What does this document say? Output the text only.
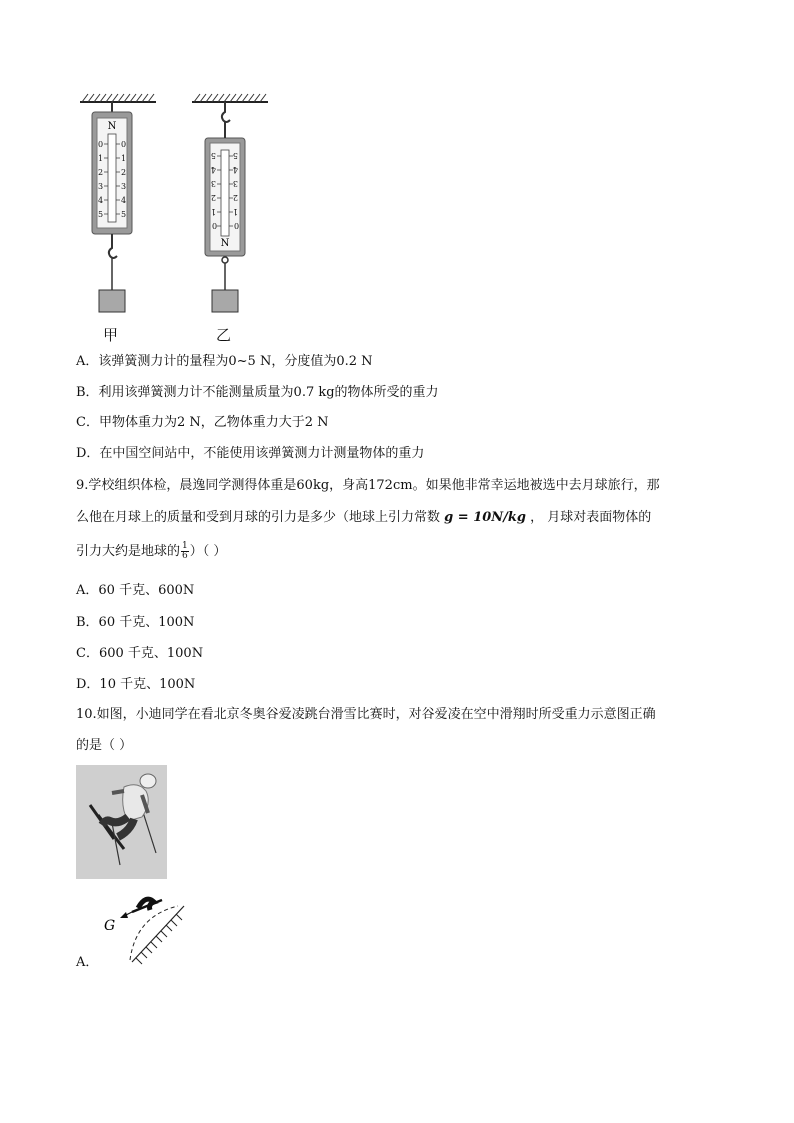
N
0
1
2
3
4
5
0
1
2
3
4
5
N
5
4
3
2
1
0
5
4
3
2
1
0
甲	乙
A．该弹簧测力计的量程为0~5 N，分度值为0.2 N
B．利用该弹簧测力计不能测量质量为0.7 kg的物体所受的重力
C．甲物体重力为2 N，乙物体重力大于2 N
D．在中国空间站中，不能使用该弹簧测力计测量物体的重力
9.学校组织体检，晨逸同学测得体重是60kg，身高172cm。如果他非常幸运地被选中去月球旅行，那
么他在月球上的质量和受到月球的引力是多少（地球上引力常数 g = 10N/kg ， 月球对表面物体的
引力大约是地球的 $\frac{1}{6}$ ）（ ）
A．60 千克、600N
B．60 千克、100N
C．600 千克、100N
D．10 千克、100N
10.如图，小迪同学在看北京冬奥谷爱凌跳台滑雪比赛时，对谷爱凌在空中滑翔时所受重力示意图正确
的是（ ）
G
A．
